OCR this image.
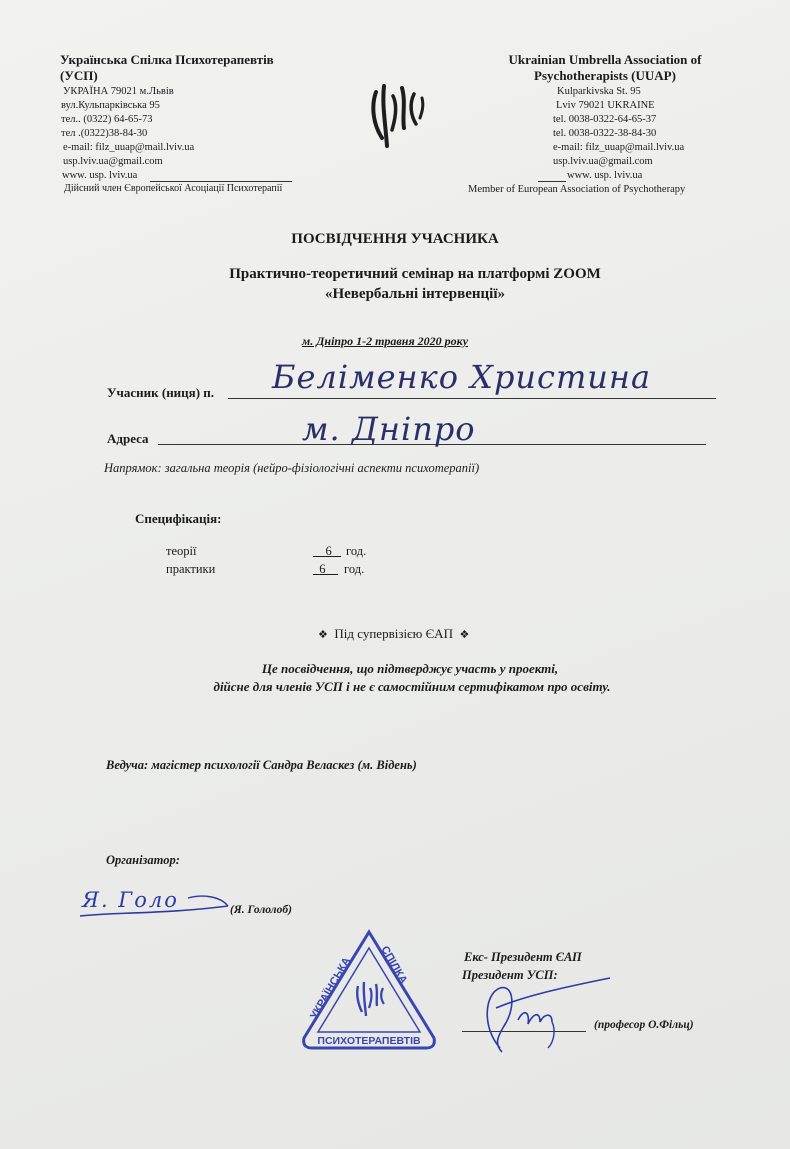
Українська Спілка Психотерапевтів
(УСП)
УКРАЇНА 79021 м.Львів
вул.Кульпарківська 95
тел.. (0322) 64-65-73
тел .(0322)38-84-30
e-mail: filz_uuap@mail.lviv.ua
usp.lviv.ua@gmail.com
www. usp. lviv.ua
Дійсний член Європейської Асоціації Психотерапії
Ukrainian Umbrella Association of
Psychotherapists (UUAP)
Kulparkivska St. 95
Lviv 79021 UKRAINE
tel. 0038-0322-64-65-37
tel. 0038-0322-38-84-30
e-mail: filz_uuap@mail.lviv.ua
usp.lviv.ua@gmail.com
www. usp. lviv.ua
Member of European Association of Psychotherapy
ПОСВІДЧЕННЯ УЧАСНИКА
Практично-теоретичний семінар на платформі ZOOM
«Невербальні інтервенції»
м. Дніпро 1-2 травня 2020 року
Учасник (ниця) п. Беліменко Христина
Адреса	м. Дніпро
Напрямок: загальна теорія (нейро-фізіологічні аспекти психотерапії)
Специфікація:
теорії	6	год.
практики	6	год.
❖ Під супервізією ЄАП ❖
Це посвідчення, що підтверджує участь у проекті,
дійсне для членів УСП і не є самостійним сертифікатом про освіту.
Ведуча: магістер психології Сандра Веласкез (м. Відень)
Організатор:
Я. Голо	(Я. Гололоб)
УКРАЇНСЬКА
СПІЛКА
ПСИХОТЕРАПЕВТІВ
Екс- Президент ЄАП
Президент УСП:
(професор О.Фільц)
